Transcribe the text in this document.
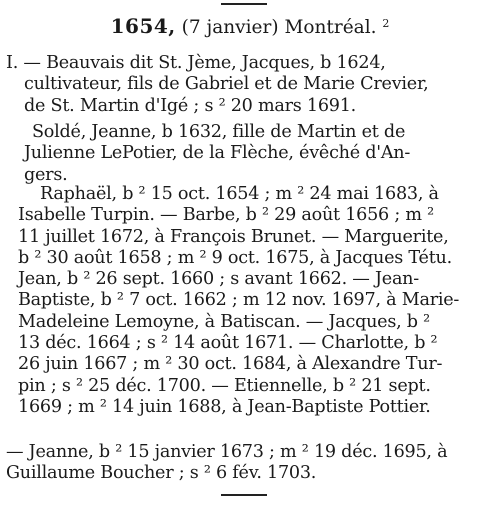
1654, (7 janvier) Montréal. $^2$
I. — Beauvais dit St. Jème, Jacques, b 1624,
cultivateur, fils de Gabriel et de Marie Crevier,
de St. Martin d'Igé ; s ² 20 mars 1691.
Soldé, Jeanne, b 1632, fille de Martin et de
Julienne LePotier, de la Flèche, évêché d'An-
gers.
Raphaël, b ² 15 oct. 1654 ; m ² 24 mai 1683, à
Isabelle Turpin. — Barbe, b ² 29 août 1656 ; m ²
11 juillet 1672, à François Brunet. — Marguerite,
b ² 30 août 1658 ; m ² 9 oct. 1675, à Jacques Tétu.
Jean, b ² 26 sept. 1660 ; s avant 1662. — Jean-
Baptiste, b ² 7 oct. 1662 ; m 12 nov. 1697, à Marie-
Madeleine Lemoyne, à Batiscan. — Jacques, b ²
13 déc. 1664 ; s ² 14 août 1671. — Charlotte, b ²
26 juin 1667 ; m ² 30 oct. 1684, à Alexandre Tur-
pin ; s ² 25 déc. 1700. — Etiennelle, b ² 21 sept.
1669 ; m ² 14 juin 1688, à Jean-Baptiste Pottier.
— Jeanne, b ² 15 janvier 1673 ; m ² 19 déc. 1695, à
Guillaume Boucher ; s ² 6 fév. 1703.
